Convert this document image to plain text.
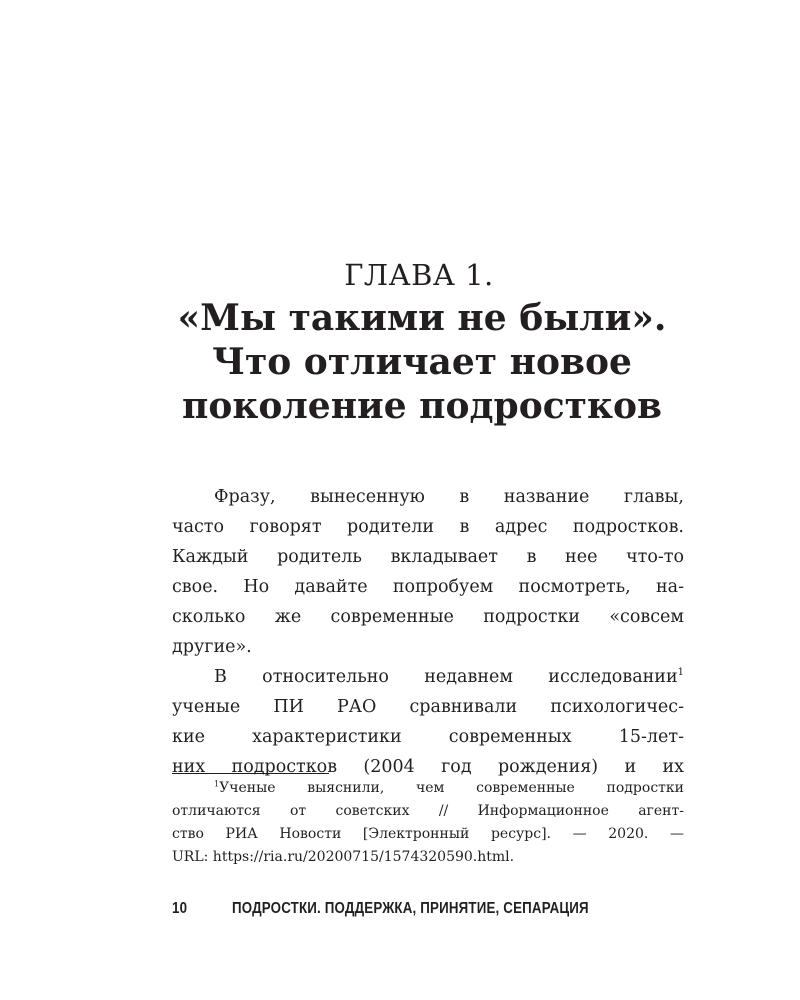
ГЛАВА 1.
«Мы такими не были».
Что отличает новое
поколение подростков
Фразу, вынесенную в название главы,
часто говорят родители в адрес подростков.
Каждый родитель вкладывает в нее что-то
свое. Но давайте попробуем посмотреть, на-
сколько же современные подростки «совсем
другие».
В относительно недавнем исследовании$^1$
ученые ПИ РАО сравнивали психологичес-
кие характеристики современных 15-лет-
них подростков (2004 год рождения) и их
$^1$Ученые выяснили, чем современные подростки
отличаются от советских // Информационное агент-
ство РИА Новости [Электронный ресурс]. — 2020. —
URL: https://ria.ru/20200715/1574320590.html.
10	ПОДРОСТКИ. ПОДДЕРЖКА, ПРИНЯТИЕ, СЕПАРАЦИЯ
